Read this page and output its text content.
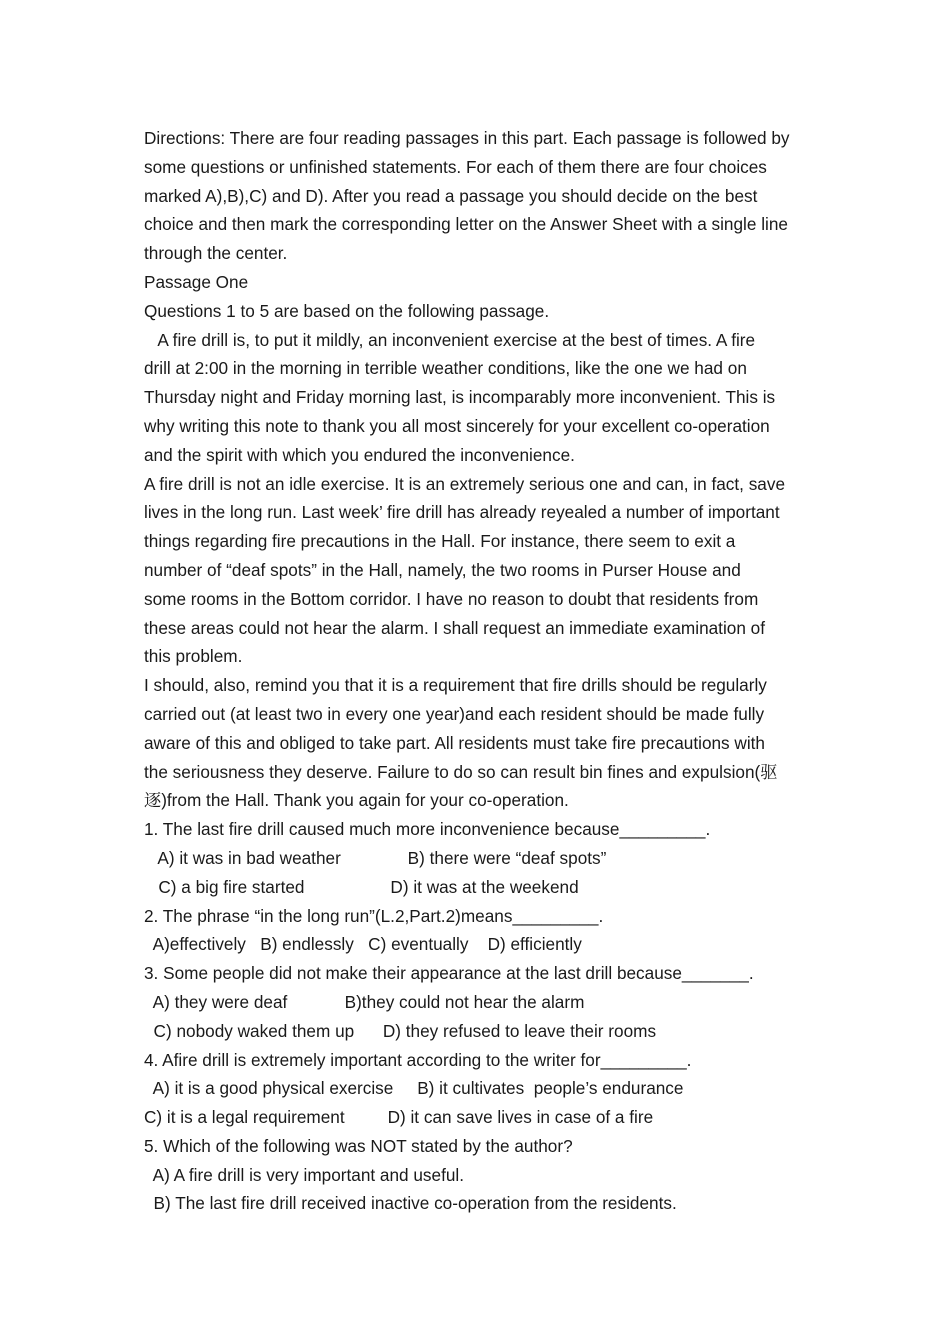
Directions: There are four reading passages in this part. Each passage is followed by
some questions or unfinished statements. For each of them there are four choices
marked A),B),C) and D). After you read a passage you should decide on the best
choice and then mark the corresponding letter on the Answer Sheet with a single line
through the center.
Passage One
Questions 1 to 5 are based on the following passage.
A fire drill is, to put it mildly, an inconvenient exercise at the best of times. A fire
drill at 2:00 in the morning in terrible weather conditions, like the one we had on
Thursday night and Friday morning last, is incomparably more inconvenient. This is
why writing this note to thank you all most sincerely for your excellent co-operation
and the spirit with which you endured the inconvenience.
A fire drill is not an idle exercise. It is an extremely serious one and can, in fact, save
lives in the long run. Last week’ fire drill has already reyealed a number of important
things regarding fire precautions in the Hall. For instance, there seem to exit a
number of “deaf spots” in the Hall, namely, the two rooms in Purser House and
some rooms in the Bottom corridor. I have no reason to doubt that residents from
these areas could not hear the alarm. I shall request an immediate examination of
this problem.
I should, also, remind you that it is a requirement that fire drills should be regularly
carried out (at least two in every one year)and each resident should be made fully
aware of this and obliged to take part. All residents must take fire precautions with
the seriousness they deserve. Failure to do so can result bin fines and expulsion(驱
逐)from the Hall. Thank you again for your co-operation.
1. The last fire drill caused much more inconvenience because_________.
A) it was in bad weather              B) there were “deaf spots”
C) a big fire started                  D) it was at the weekend
2. The phrase “in the long run”(L.2,Part.2)means_________.
A)effectively   B) endlessly   C) eventually    D) efficiently
3. Some people did not make their appearance at the last drill because_______.
A) they were deaf            B)they could not hear the alarm
C) nobody waked them up      D) they refused to leave their rooms
4. Afire drill is extremely important according to the writer for_________.
A) it is a good physical exercise     B) it cultivates  people’s endurance
C) it is a legal requirement         D) it can save lives in case of a fire
5. Which of the following was NOT stated by the author?
A) A fire drill is very important and useful.
B) The last fire drill received inactive co-operation from the residents.
